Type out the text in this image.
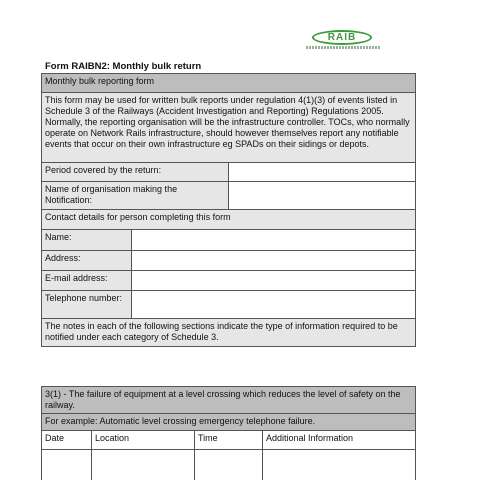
RAIB
Form RAIBN2: Monthly bulk return
Monthly bulk reporting form		
This form may be used for written bulk reports under regulation 4(1)(3) of events listed in Schedule 3 of the Railways (Accident Investigation and Reporting) Regulations 2005. Normally, the reporting organisation will be the infrastructure controller. TOCs, who normally operate on Network Rails infrastructure, should however themselves report any notifiable events that occur on their own infrastructure eg SPADs on their sidings or depots.		
Period covered by the return:		
Name of organisation making the Notification:		
Contact details for person completing this form		
Name:		
Address:		
E-mail address:		
Telephone number:		
The notes in each of the following sections indicate the type of information required to be notified under each category of Schedule 3.		
3(1) - The failure of equipment at a level crossing which reduces the level of safety on the railway.			
For example: Automatic level crossing emergency telephone failure.			
Date	Location	Time	Additional Information
